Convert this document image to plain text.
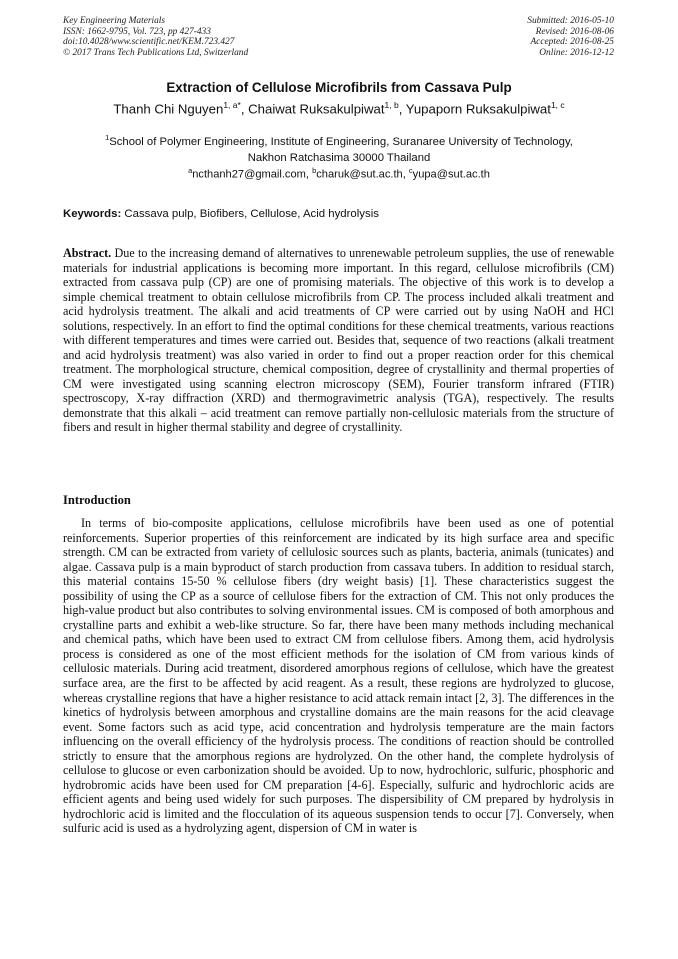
Key Engineering Materials
ISSN: 1662-9795, Vol. 723, pp 427-433
doi:10.4028/www.scientific.net/KEM.723.427
© 2017 Trans Tech Publications Ltd, Switzerland
Submitted: 2016-05-10
Revised: 2016-08-06
Accepted: 2016-08-25
Online: 2016-12-12
Extraction of Cellulose Microfibrils from Cassava Pulp
Thanh Chi Nguyen$^{1, a*}$, Chaiwat Ruksakulpiwat$^{1, b}$, Yupaporn Ruksakulpiwat$^{1, c}$
$^1$School of Polymer Engineering, Institute of Engineering, Suranaree University of Technology,
Nakhon Ratchasima 30000 Thailand
$^a$ncthanh27@gmail.com, $^b$charuk@sut.ac.th, $^c$yupa@sut.ac.th
Keywords: Cassava pulp, Biofibers, Cellulose, Acid hydrolysis
Abstract. Due to the increasing demand of alternatives to unrenewable petroleum supplies, the use of renewable materials for industrial applications is becoming more important. In this regard, cellulose microfibrils (CM) extracted from cassava pulp (CP) are one of promising materials. The objective of this work is to develop a simple chemical treatment to obtain cellulose microfibrils from CP. The process included alkali treatment and acid hydrolysis treatment. The alkali and acid treatments of CP were carried out by using NaOH and HCl solutions, respectively. In an effort to find the optimal conditions for these chemical treatments, various reactions with different temperatures and times were carried out. Besides that, sequence of two reactions (alkali treatment and acid hydrolysis treatment) was also varied in order to find out a proper reaction order for this chemical treatment. The morphological structure, chemical composition, degree of crystallinity and thermal properties of CM were investigated using scanning electron microscopy (SEM), Fourier transform infrared (FTIR) spectroscopy, X-ray diffraction (XRD) and thermogravimetric analysis (TGA), respectively. The results demonstrate that this alkali – acid treatment can remove partially non-cellulosic materials from the structure of fibers and result in higher thermal stability and degree of crystallinity.
Introduction
In terms of bio-composite applications, cellulose microfibrils have been used as one of potential reinforcements. Superior properties of this reinforcement are indicated by its high surface area and specific strength. CM can be extracted from variety of cellulosic sources such as plants, bacteria, animals (tunicates) and algae. Cassava pulp is a main byproduct of starch production from cassava tubers. In addition to residual starch, this material contains 15-50 % cellulose fibers (dry weight basis) [1]. These characteristics suggest the possibility of using the CP as a source of cellulose fibers for the extraction of CM. This not only produces the high-value product but also contributes to solving environmental issues. CM is composed of both amorphous and crystalline parts and exhibit a web-like structure. So far, there have been many methods including mechanical and chemical paths, which have been used to extract CM from cellulose fibers. Among them, acid hydrolysis process is considered as one of the most efficient methods for the isolation of CM from various kinds of cellulosic materials. During acid treatment, disordered amorphous regions of cellulose, which have the greatest surface area, are the first to be affected by acid reagent. As a result, these regions are hydrolyzed to glucose, whereas crystalline regions that have a higher resistance to acid attack remain intact [2, 3]. The differences in the kinetics of hydrolysis between amorphous and crystalline domains are the main reasons for the acid cleavage event. Some factors such as acid type, acid concentration and hydrolysis temperature are the main factors influencing on the overall efficiency of the hydrolysis process. The conditions of reaction should be controlled strictly to ensure that the amorphous regions are hydrolyzed. On the other hand, the complete hydrolysis of cellulose to glucose or even carbonization should be avoided. Up to now, hydrochloric, sulfuric, phosphoric and hydrobromic acids have been used for CM preparation [4-6]. Especially, sulfuric and hydrochloric acids are efficient agents and being used widely for such purposes. The dispersibility of CM prepared by hydrolysis in hydrochloric acid is limited and the flocculation of its aqueous suspension tends to occur [7]. Conversely, when sulfuric acid is used as a hydrolyzing agent, dispersion of CM in water is
